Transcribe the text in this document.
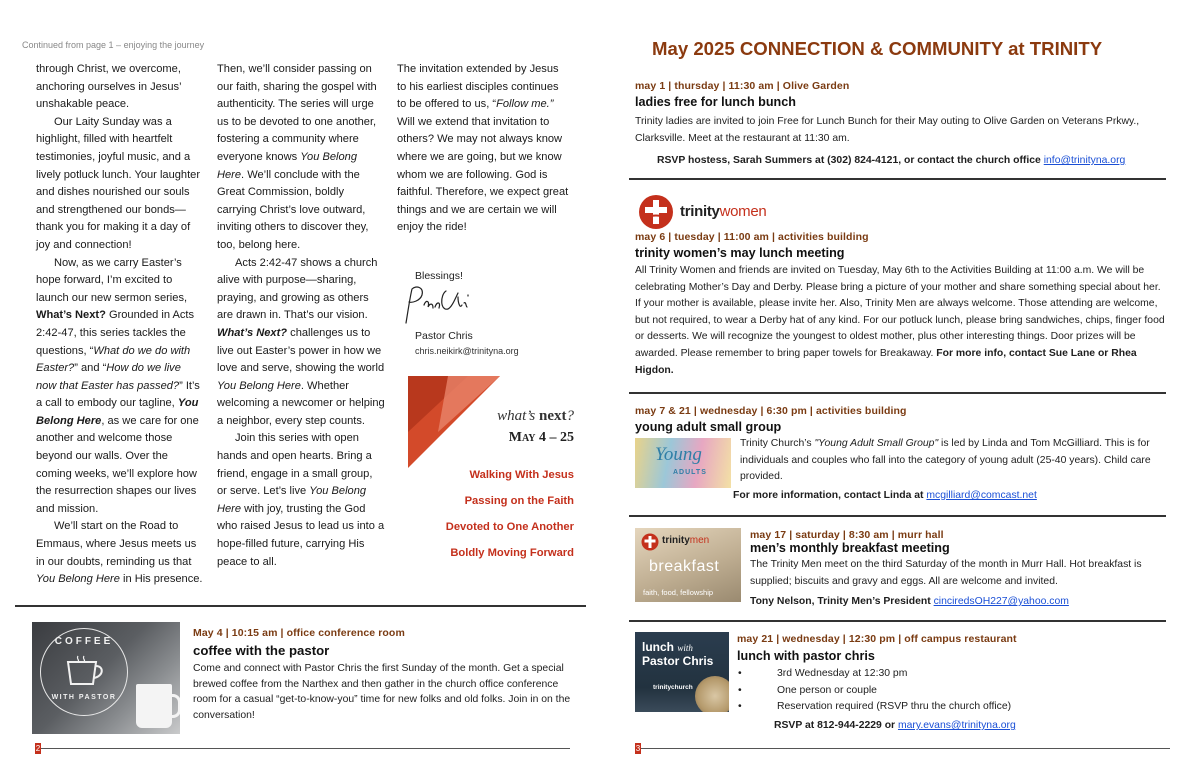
Continued from page 1 – enjoying the journey

through Christ, we overcome, anchoring ourselves in Jesus’ unshakable peace.

Our Laity Sunday was a highlight, filled with heartfelt testimonies, joyful music, and a lively potluck lunch. Your laughter and dishes nourished our souls and strengthened our bonds—thank you for making it a day of joy and connection!

Now, as we carry Easter’s hope forward, I’m excited to launch our new sermon series, What’s Next? Grounded in Acts 2:42-47, this series tackles the questions, “What do we do with Easter?” and “How do we live now that Easter has passed?” It’s a call to embody our tagline, You Belong Here, as we care for one another and welcome those beyond our walls. Over the coming weeks, we’ll explore how the resurrection shapes our lives and mission.

We’ll start on the Road to Emmaus, where Jesus meets us in our doubts, reminding us that You Belong Here in His presence.

Then, we’ll consider passing on our faith, sharing the gospel with authenticity. The series will urge us to be devoted to one another, fostering a community where everyone knows You Belong Here. We’ll conclude with the Great Commission, boldly carrying Christ’s love outward, inviting others to discover they, too, belong here.

Acts 2:42-47 shows a church alive with purpose—sharing, praying, and growing as others are drawn in. That’s our vision. What’s Next? challenges us to live out Easter’s power in how we love and serve, showing the world You Belong Here. Whether welcoming a newcomer or helping a neighbor, every step counts.

Join this series with open hands and open hearts. Bring a friend, engage in a small group, or serve. Let’s live You Belong Here with joy, trusting the God who raised Jesus to lead us into a hope-filled future, carrying His peace to all.

The invitation extended by Jesus to his earliest disciples continues to be offered to us, “Follow me.” Will we extend that invitation to others? We may not always know where we are going, but we know whom we are following. God is faithful. Therefore, we expect great things and we are certain we will enjoy the ride!

Blessings!
Pastor Chris
chris.neikirk@trinityna.org
what’s next?
May 4 – 25
Walking With Jesus
Passing on the Faith
Devoted to One Another
Boldly Moving Forward
COFFEE
WITH PASTOR
May 4 | 10:15 am | office conference room
coffee with the pastor
Come and connect with Pastor Chris the first Sunday of the month. Get a special brewed coffee from the Narthex and then gather in the church office conference room for a casual “get-to-know-you” time for new folks and old folks. Join in on the conversation!
2
May 2025 CONNECTION & COMMUNITY at TRINITY
may 1 | thursday | 11:30 am | Olive Garden
ladies free for lunch bunch
Trinity ladies are invited to join Free for Lunch Bunch for their May outing to Olive Garden on Veterans Prkwy., Clarksville. Meet at the restaurant at 11:30 am.
RSVP hostess, Sarah Summers at (302) 824-4121, or contact the church office info@trinityna.org
trinitywomen
may 6 | tuesday | 11:00 am | activities building
trinity women’s may lunch meeting
All Trinity Women and friends are invited on Tuesday, May 6th to the Activities Building at 11:00 a.m. We will be celebrating Mother’s Day and Derby. Please bring a picture of your mother and share something special about her. If your mother is available, please invite her. Also, Trinity Men are always welcome. Those attending are welcome, but not required, to wear a Derby hat of any kind. For our potluck lunch, please bring sandwiches, chips, finger food or desserts. We will recognize the youngest to oldest mother, plus other interesting things. Door prizes will be awarded. Please remember to bring paper towels for Breakaway. For more info, contact Sue Lane or Rhea Higdon.
may 7 & 21 | wednesday | 6:30 pm | activities building
young adult small group
Young
ADULTS
Trinity Church’s "Young Adult Small Group" is led by Linda and Tom McGilliard. This is for individuals and couples who fall into the category of young adult (25-40 years). Child care provided.
For more information, contact Linda at mcgilliard@comcast.net
trinitymen
breakfast
faith, food, fellowship
may 17 | saturday | 8:30 am | murr hall
men’s monthly breakfast meeting
The Trinity Men meet on the third Saturday of the month in Murr Hall. Hot breakfast is supplied; biscuits and gravy and eggs. All are welcome and invited.
Tony Nelson, Trinity Men’s President cinciredsOH227@yahoo.com
lunch with
Pastor Chris
trinitychurch
may 21 | wednesday | 12:30 pm | off campus restaurant
lunch with pastor chris
• 3rd Wednesday at 12:30 pm
• One person or couple
• Reservation required (RSVP thru the church office)
RSVP at 812-944-2229 or mary.evans@trinityna.org
3
